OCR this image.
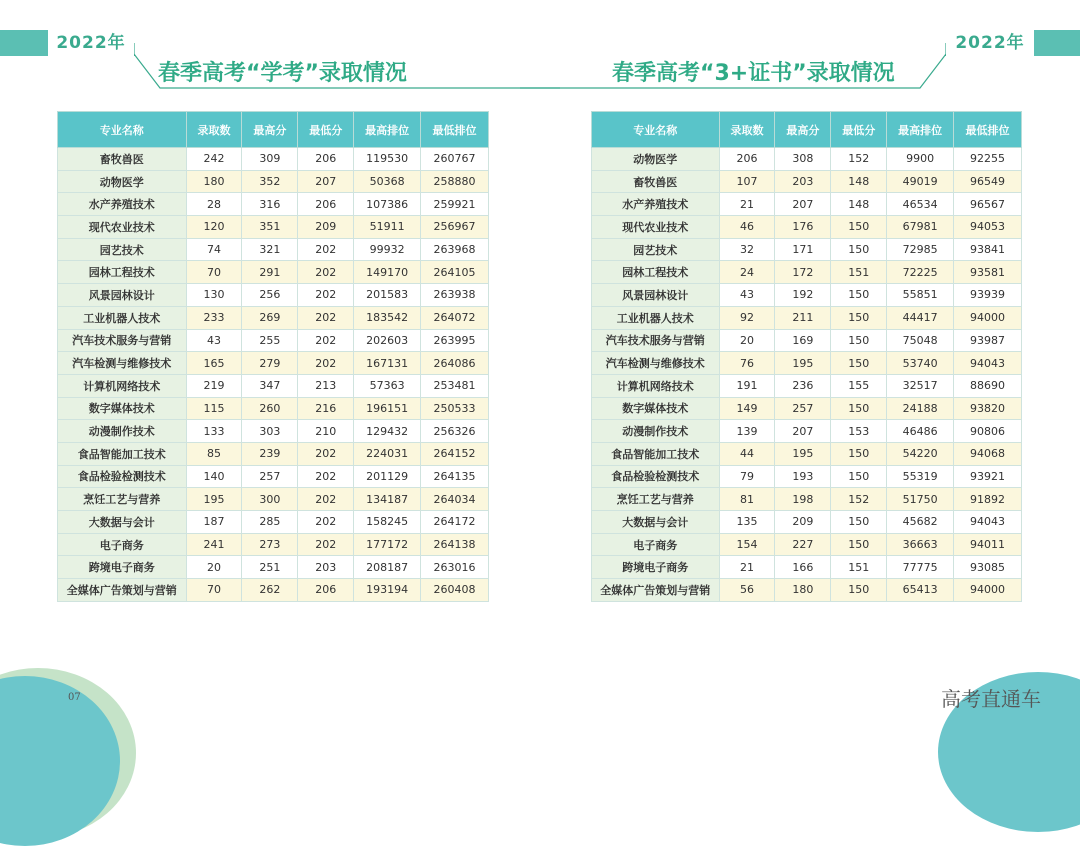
2022年
春季高考“学考”录取情况
2022年
春季高考“3+证书”录取情况
专业名称	录取数	最高分	最低分	最高排位	最低排位
畜牧兽医	242	309	206	119530	260767
动物医学	180	352	207	50368	258880
水产养殖技术	28	316	206	107386	259921
现代农业技术	120	351	209	51911	256967
园艺技术	74	321	202	99932	263968
园林工程技术	70	291	202	149170	264105
风景园林设计	130	256	202	201583	263938
工业机器人技术	233	269	202	183542	264072
汽车技术服务与营销	43	255	202	202603	263995
汽车检测与维修技术	165	279	202	167131	264086
计算机网络技术	219	347	213	57363	253481
数字媒体技术	115	260	216	196151	250533
动漫制作技术	133	303	210	129432	256326
食品智能加工技术	85	239	202	224031	264152
食品检验检测技术	140	257	202	201129	264135
烹饪工艺与营养	195	300	202	134187	264034
大数据与会计	187	285	202	158245	264172
电子商务	241	273	202	177172	264138
跨境电子商务	20	251	203	208187	263016
全媒体广告策划与营销	70	262	206	193194	260408
专业名称	录取数	最高分	最低分	最高排位	最低排位
动物医学	206	308	152	9900	92255
畜牧兽医	107	203	148	49019	96549
水产养殖技术	21	207	148	46534	96567
现代农业技术	46	176	150	67981	94053
园艺技术	32	171	150	72985	93841
园林工程技术	24	172	151	72225	93581
风景园林设计	43	192	150	55851	93939
工业机器人技术	92	211	150	44417	94000
汽车技术服务与营销	20	169	150	75048	93987
汽车检测与维修技术	76	195	150	53740	94043
计算机网络技术	191	236	155	32517	88690
数字媒体技术	149	257	150	24188	93820
动漫制作技术	139	207	153	46486	90806
食品智能加工技术	44	195	150	54220	94068
食品检验检测技术	79	193	150	55319	93921
烹饪工艺与营养	81	198	152	51750	91892
大数据与会计	135	209	150	45682	94043
电子商务	154	227	150	36663	94011
跨境电子商务	21	166	151	77775	93085
全媒体广告策划与营销	56	180	150	65413	94000
07	高考直通车
